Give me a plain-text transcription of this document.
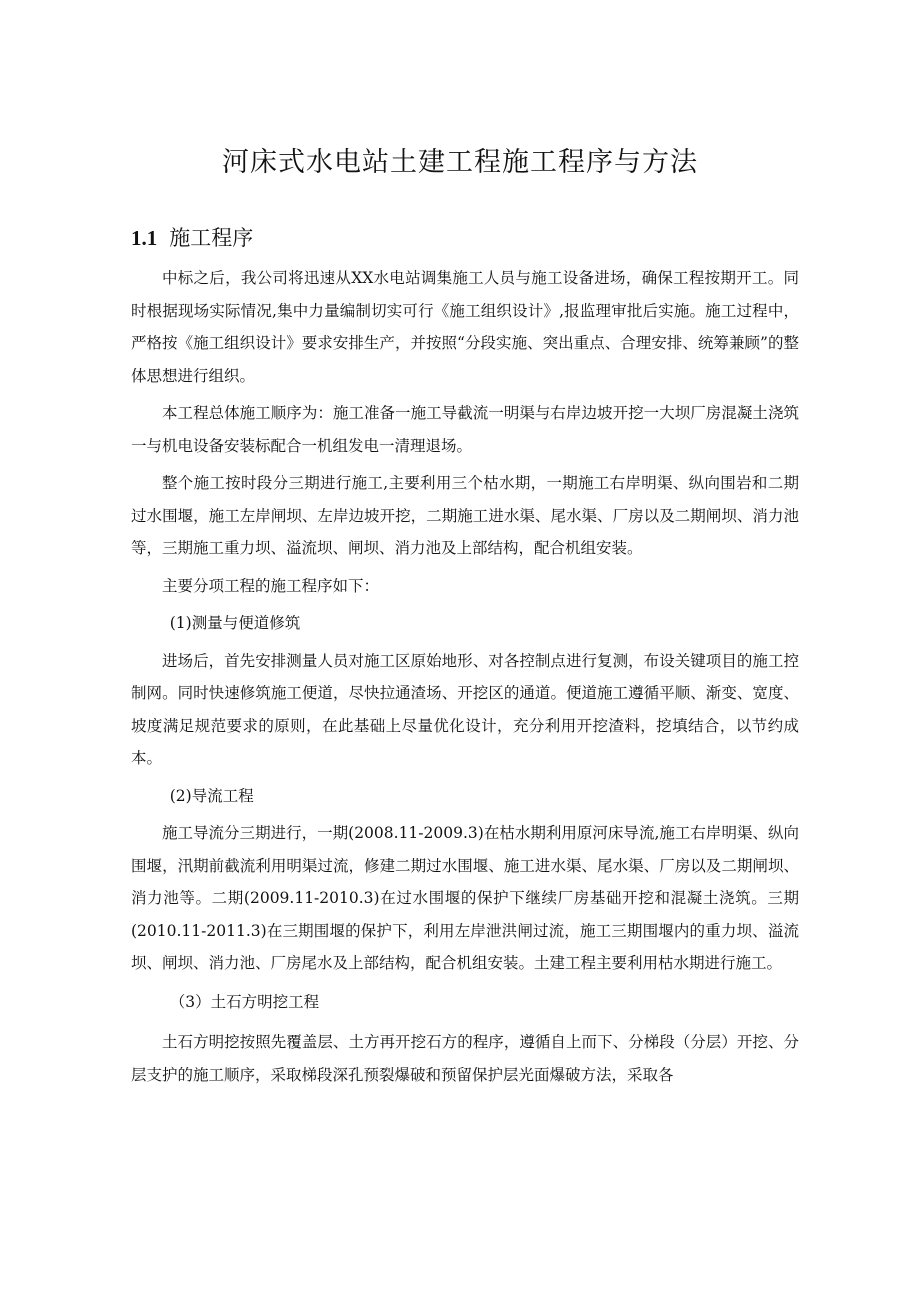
河床式水电站土建工程施工程序与方法
1.1 施工程序

中标之后，我公司将迅速从XX水电站调集施工人员与施工设备进场，确保工程按期开工。同时根据现场实际情况,集中力量编制切实可行《施工组织设计》,报监理审批后实施。施工过程中，严格按《施工组织设计》要求安排生产，并按照“分段实施、突出重点、合理安排、统筹兼顾”的整体思想进行组织。

本工程总体施工顺序为：施工准备一施工导截流一明渠与右岸边坡开挖一大坝厂房混凝土浇筑一与机电设备安装标配合一机组发电一清理退场。

整个施工按时段分三期进行施工,主要利用三个枯水期，一期施工右岸明渠、纵向围岩和二期过水围堰，施工左岸闸坝、左岸边坡开挖，二期施工进水渠、尾水渠、厂房以及二期闸坝、消力池等，三期施工重力坝、溢流坝、闸坝、消力池及上部结构，配合机组安装。

主要分项工程的施工程序如下：

(1)测量与便道修筑

进场后，首先安排测量人员对施工区原始地形、对各控制点进行复测，布设关键项目的施工控制网。同时快速修筑施工便道，尽快拉通渣场、开挖区的通道。便道施工遵循平顺、渐变、宽度、坡度满足规范要求的原则，在此基础上尽量优化设计，充分利用开挖渣料，挖填结合，以节约成本。

(2)导流工程

施工导流分三期进行，一期(2008.11-2009.3)在枯水期利用原河床导流,施工右岸明渠、纵向围堰，汛期前截流利用明渠过流，修建二期过水围堰、施工进水渠、尾水渠、厂房以及二期闸坝、消力池等。二期(2009.11-2010.3)在过水围堰的保护下继续厂房基础开挖和混凝土浇筑。三期(2010.11-2011.3)在三期围堰的保护下，利用左岸泄洪闸过流，施工三期围堰内的重力坝、溢流坝、闸坝、消力池、厂房尾水及上部结构，配合机组安装。土建工程主要利用枯水期进行施工。

（3）土石方明挖工程

土石方明挖按照先覆盖层、土方再开挖石方的程序，遵循自上而下、分梯段（分层）开挖、分层支护的施工顺序，采取梯段深孔预裂爆破和预留保护层光面爆破方法，采取各
